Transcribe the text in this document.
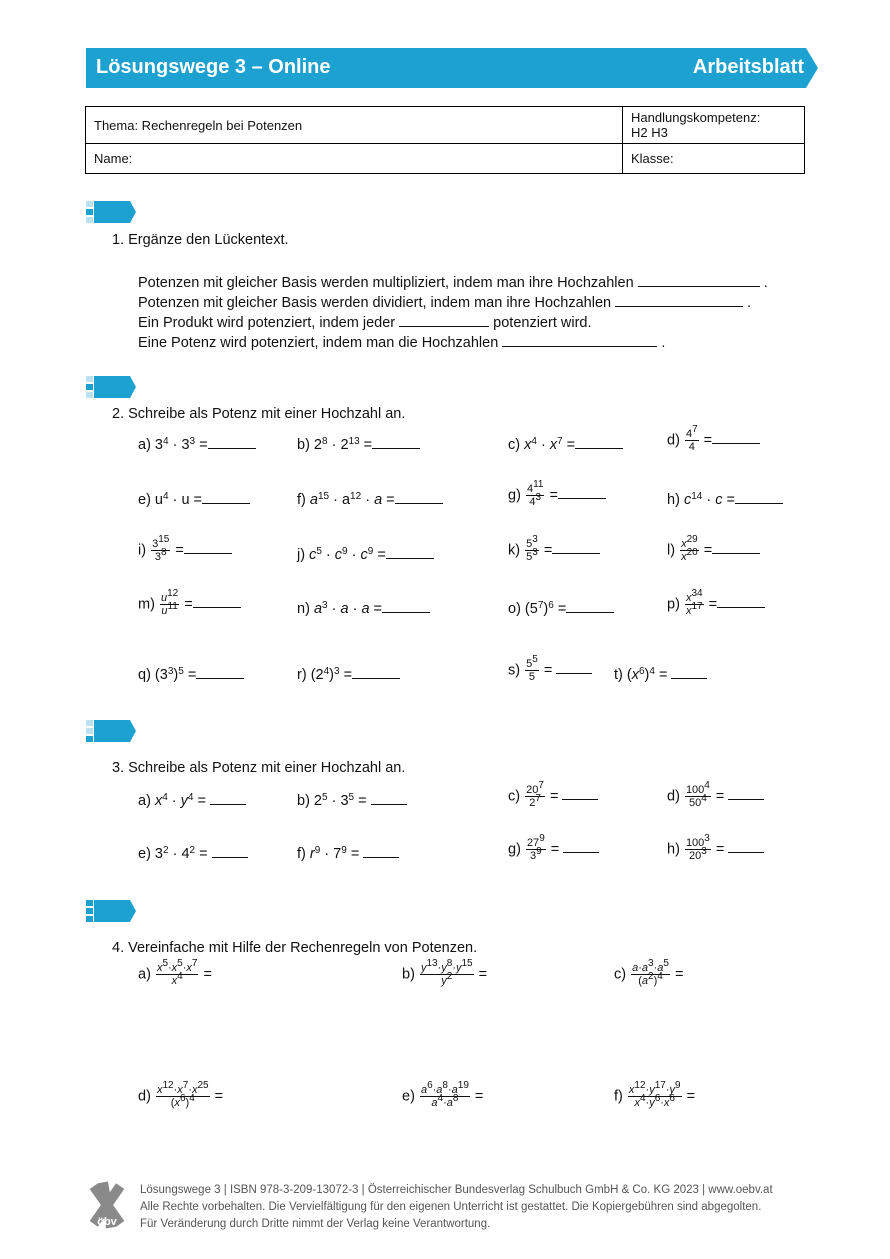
Lösungswege 3 – Online	Arbeitsblatt
Thema: Rechenregeln bei Potenzen	Handlungskompetenz:
H2 H3

Name:	Klasse:
1. Ergänze den Lückentext.
Potenzen mit gleicher Basis werden multipliziert, indem man ihre Hochzahlen	.
Potenzen mit gleicher Basis werden dividiert, indem man ihre Hochzahlen	.
Ein Produkt wird potenziert, indem jeder	potenziert wird.
Eine Potenz wird potenziert, indem man die Hochzahlen	.
2. Schreibe als Potenz mit einer Hochzahl an.
a) $3^4 \cdot 3^3$ =	b) $2^8 \cdot 2^{13}$ =	c) $x^4 \cdot x^7$ =	$d) \frac{4^7}{4}$ =
e) $u^4 \cdot u$ =	f) $a^{15} \cdot a^{12} \cdot a$ =	$g) \frac{4^{11}}{4^3}$ =	h) $c^{14} \cdot c$ =
$i) \frac{3^{15}}{3^8}$ =	j) $c^5 \cdot c^9 \cdot c^9$ =	$k) \frac{5^3}{5^3}$ =	$l) \frac{x^{29}}{x^{20}}$ =
$m) \frac{u^{12}}{u^{11}}$ =	n) $a^3 \cdot a \cdot a$ =	o) $(5^7)^6$ =	$p) \frac{x^{34}}{x^{17}}$ =
q) $(3^3)^5$ =	r) $(2^4)^3$ =	$s) \frac{5^5}{5}$ =	t) $(x^6)^4$ =
3. Schreibe als Potenz mit einer Hochzahl an.
a) $x^4 \cdot y^4$ =	b) $2^5 \cdot 3^5$ =	$c) \frac{20^7}{2^7}$ =	$d) \frac{100^4}{50^4}$ =
e) $3^2 \cdot 4^2$ =	f) $r^9 \cdot 7^9$ =	$g) \frac{27^9}{3^9}$ =	$h) \frac{100^3}{20^3}$ =
4. Vereinfache mit Hilfe der Rechenregeln von Potenzen.
$a) \frac{x^5\cdot x^5\cdot x^7}{x^4}$ =	$b) \frac{y^{13}\cdot y^8\cdot y^{15}}{y^2}$ =	$c) \frac{a\cdot a^3\cdot a^5}{(a^2)^4}$ =
$d) \frac{x^{12}\cdot x^7\cdot x^{25}}{(x^6)^4}$ =	$e) \frac{a^6\cdot a^8\cdot a^{19}}{a^4\cdot a^8}$ =	$f) \frac{x^{12}\cdot y^{17}\cdot y^9}{x^4\cdot y^6\cdot x^6}$ =
öbv
Lösungswege 3 | ISBN 978-3-209-13072-3 | Österreichischer Bundesverlag Schulbuch GmbH & Co. KG 2023 | www.oebv.at
Alle Rechte vorbehalten. Die Vervielfältigung für den eigenen Unterricht ist gestattet. Die Kopiergebühren sind abgegolten.
Für Veränderung durch Dritte nimmt der Verlag keine Verantwortung.
